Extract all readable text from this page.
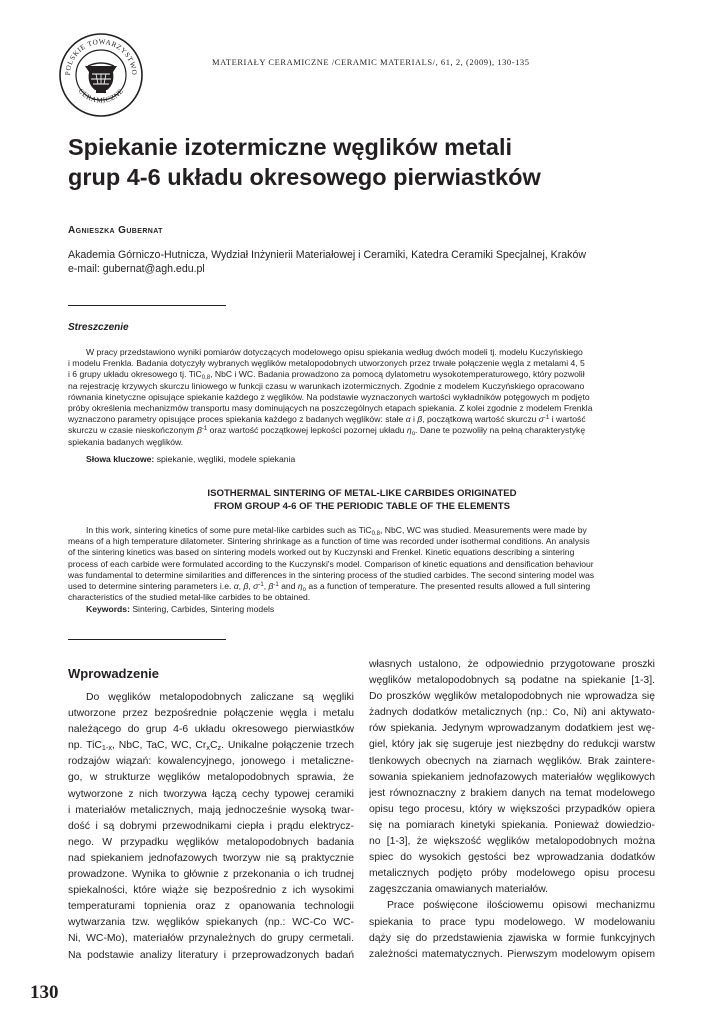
POLSKIE TOWARZYSTWO
CERAMICZNE
MATERIAŁY CERAMICZNE /CERAMIC MATERIALS/, 61, 2, (2009), 130-135
Spiekanie izotermiczne węglików metali
grup 4-6 układu okresowego pierwiastków
Agnieszka Gubernat
Akademia Górniczo-Hutnicza, Wydział Inżynierii Materiałowej i Ceramiki, Katedra Ceramiki Specjalnej, Kraków
e-mail: gubernat@agh.edu.pl
Streszczenie
W pracy przedstawiono wyniki pomiarów dotyczących modelowego opisu spiekania według dwóch modeli tj. modelu Kuczyńskiego
i modelu Frenkla. Badania dotyczyły wybranych węglików metalopodobnych utworzonych przez trwałe połączenie węgla z metalami 4, 5
i 6 grupy układu okresowego tj. TiC$_{0,8}$, NbC i WC. Badania prowadzono za pomocą dylatometru wysokotemperaturowego, który pozwolił
na rejestrację krzywych skurczu liniowego w funkcji czasu w warunkach izotermicznych. Zgodnie z modelem Kuczyńskiego opracowano
równania kinetyczne opisujące spiekanie każdego z węglików. Na podstawie wyznaczonych wartości wykładników potęgowych m podjęto
próby określenia mechanizmów transportu masy dominujących na poszczególnych etapach spiekania. Z kolei zgodnie z modelem Frenkla
wyznaczono parametry opisujące proces spiekania każdego z badanych węglików: stałe α i β, początkową wartość skurczu $\sigma^{-1}$ i wartość
skurczu w czasie nieskończonym $\beta^{-1}$ oraz wartość początkowej lepkości pozornej układu $\eta_o$. Dane te pozwoliły na pełną charakterystykę
spiekania badanych węglików.
Słowa kluczowe: spiekanie, węgliki, modele spiekania
ISOTHERMAL SINTERING OF METAL-LIKE CARBIDES ORIGINATED
FROM GROUP 4-6 OF THE PERIODIC TABLE OF THE ELEMENTS
In this work, sintering kinetics of some pure metal-like carbides such as TiC$_{0.8}$, NbC, WC was studied. Measurements were made by
means of a high temperature dilatometer. Sintering shrinkage as a function of time was recorded under isothermal conditions. An analysis
of the sintering kinetics was based on sintering models worked out by Kuczynski and Frenkel. Kinetic equations describing a sintering
process of each carbide were formulated according to the Kuczynski's model. Comparison of kinetic equations and densification behaviour
was fundamental to determine similarities and differences in the sintering process of the studied carbides. The second sintering model was
used to determine sintering parameters i.e. α, β, $\sigma^{-1}$, $\beta^{-1}$ and $\eta_o$ as a function of temperature. The presented results allowed a full sintering
characteristics of the studied metal-like carbides to be obtained.
Keywords: Sintering, Carbides, Sintering models
Wprowadzenie
Do węglików metalopodobnych zaliczane są węgliki
utworzone przez bezpośrednie połączenie węgla i metalu
należącego do grup 4-6 układu okresowego pierwiastków
np. TiC$_{1-x}$, NbC, TaC, WC, $Cr_xC_z$. Unikalne połączenie trzech
rodzajów wiązań: kowalencyjnego, jonowego i metaliczne-
go, w strukturze węglików metalopodobnych sprawia, że
wytworzone z nich tworzywa łączą cechy typowej ceramiki
i materiałów metalicznych, mają jednocześnie wysoką twar-
dość i są dobrymi przewodnikami ciepła i prądu elektrycz-
nego. W przypadku węglików metalopodobnych badania
nad spiekaniem jednofazowych tworzyw nie są praktycznie
prowadzone. Wynika to głównie z przekonania o ich trudnej
spiekalności, które wiąże się bezpośrednio z ich wysokimi
temperaturami topnienia oraz z opanowania technologii
wytwarzania tzw. węglików spiekanych (np.: WC-Co WC-
Ni, WC-Mo), materiałów przynależnych do grupy cermetali.
Na podstawie analizy literatury i przeprowadzonych badań
własnych ustalono, że odpowiednio przygotowane proszki
węglików metalopodobnych są podatne na spiekanie [1-3].
Do proszków węglików metalopodobnych nie wprowadza się
żadnych dodatków metalicznych (np.: Co, Ni) ani aktywato-
rów spiekania. Jedynym wprowadzanym dodatkiem jest wę-
giel, który jak się sugeruje jest niezbędny do redukcji warstw
tlenkowych obecnych na ziarnach węglików. Brak zaintere-
sowania spiekaniem jednofazowych materiałów węglikowych
jest równoznaczny z brakiem danych na temat modelowego
opisu tego procesu, który w większości przypadków opiera
się na pomiarach kinetyki spiekania. Ponieważ dowiedzio-
no [1-3], że większość węglików metalopodobnych można
spiec do wysokich gęstości bez wprowadzania dodatków
metalicznych podjęto próby modelowego opisu procesu
zagęszczania omawianych materiałów.
Prace poświęcone ilościowemu opisowi mechanizmu
spiekania to prace typu modelowego. W modelowaniu
dąży się do przedstawienia zjawiska w formie funkcyjnych
zależności matematycznych. Pierwszym modelowym opisem
130
